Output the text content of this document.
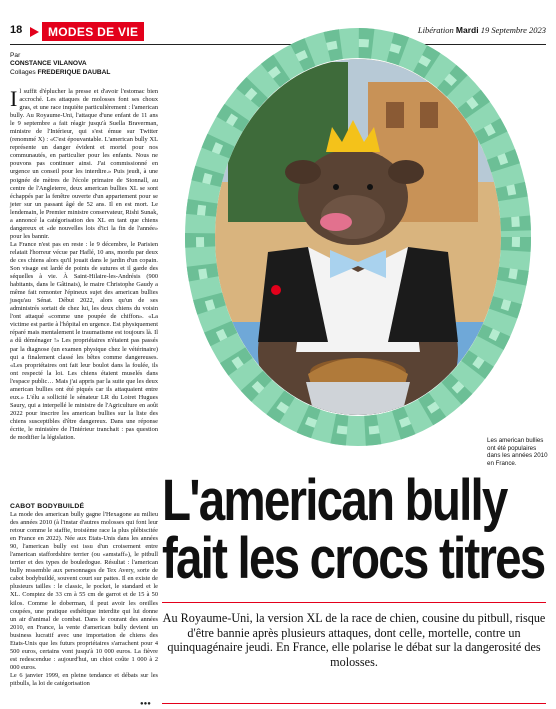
18	MODES DE VIE	Libération Mardi 19 Septembre 2023
Par
CONSTANCE VILANOVA
Collages FREDERIQUE DAUBAL

Il suffit d'éplucher la presse et d'avoir l'estomac bien accroché. Les attaques de molosses font ses choux gras, et une race inquiète particulièrement : l'american bully. Au Royaume-Uni, l'attaque d'une enfant de 11 ans le 9 septembre a fait réagir jusqu'à Suella Braverman, ministre de l'Intérieur, qui s'est émue sur Twitter (renommé X) : «C'est épouvantable. L'american bully XL représente un danger évident et mortel pour nos communautés, en particulier pour les enfants. Nous ne pouvons pas continuer ainsi. J'ai commissionné en urgence un conseil pour les interdire.» Puis jeudi, à une poignée de mètres de l'école primaire de Stonnall, au centre de l'Angleterre, deux american bullies XL se sont échappés par la fenêtre ouverte d'un appartement pour se jeter sur un passant âgé de 52 ans. Il en est mort. Le lendemain, le Premier ministre conservateur, Rishi Sunak, a annoncé la catégorisation des XL en tant que chiens dangereux et «de nouvelles lois d'ici la fin de l'année» pour les bannir.

La France n'est pas en reste : le 9 décembre, le Parisien relatait l'horreur vécue par Haflé, 10 ans, mordu par deux de ces chiens alors qu'il jouait dans le jardin d'un copain. Son visage est lardé de points de sutures et il garde des séquelles à vie. À Saint-Hilaire-les-Andrésis (900 habitants, dans le Gâtinais), le maire Christophe Gaudy a même fait remonter l'épineux sujet des american bullies jusqu'au Sénat. Début 2022, alors qu'un de ses administrés sortait de chez lui, les deux chiens du voisin l'ont attaqué «comme une poupée de chiffon». «La victime est partie à l'hôpital en urgence. Est physiquement réparé mais mentalement le traumatisme est toujours là. Il a dû déménager !» Les propriétaires n'étaient pas passés par la diagnose (un examen physique chez le vétérinaire) qui a finalement classé les bêtes comme dangereuses. «Les propriétaires ont fait leur boulot dans la foulée, ils ont respecté la loi. Les chiens étaient muselés dans l'espace public… Mais j'ai appris par la suite que les deux american bullies ont été piqués car ils attaquaient entre eux.» L'élu a sollicité le sénateur LR du Loiret Hugues Saury, qui a interpellé le ministre de l'Agriculture en août 2022 pour inscrire les american bullies sur la liste des chiens susceptibles d'être dangereux. Dans une réponse écrite, le ministère de l'Intérieur tranchait : pas question de modifier la législation.

CABOT BODYBUILDÉ

La mode des american bully gagne l'Hexagone au milieu des années 2010 (à l'instar d'autres molosses qui font leur retour comme le staffie, troisième race la plus plébiscitée en France en 2022). Née aux Etats-Unis dans les années 90, l'american bully est issu d'un croisement entre l'american staffordshire terrier (ou «amstaff»), le pitbull terrier et des types de bouledogue. Résultat : l'american bully ressemble aux personnages de Tex Avery, sorte de cabot bodybuildé, souvent court sur pattes. Il en existe de plusieurs tailles : le classic, le pocket, le standard et le XL. Comptez de 33 cm à 55 cm de garrot et de 15 à 50 kilos. Comme le doberman, il peut avoir les oreilles coupées, une pratique esthétique interdite qui lui donne un air d'animal de combat. Dans le courant des années 2010, en France, la vente d'american bully devient un business lucratif avec une importation de chiens des Etats-Unis que les futurs propriétaires s'arrachent pour 4 500 euros, certains vont jusqu'à 10 000 euros. La fièvre est redescendue : aujourd'hui, un chiot coûte 1 000 à 2 000 euros.

Le 6 janvier 1999, en pleine tendance et débats sur les pitbulls, la loi de catégorisation

●●●
Les american bullies ont été populaires dans les années 2010 en France.
L'american bully
fait les crocs titres
Au Royaume-Uni, la version XL de la race de chien, cousine du pitbull, risque d'être bannie après plusieurs attaques, dont celle, mortelle, contre un quinquagénaire jeudi. En France, elle polarise le débat sur la dangerosité des molosses.
